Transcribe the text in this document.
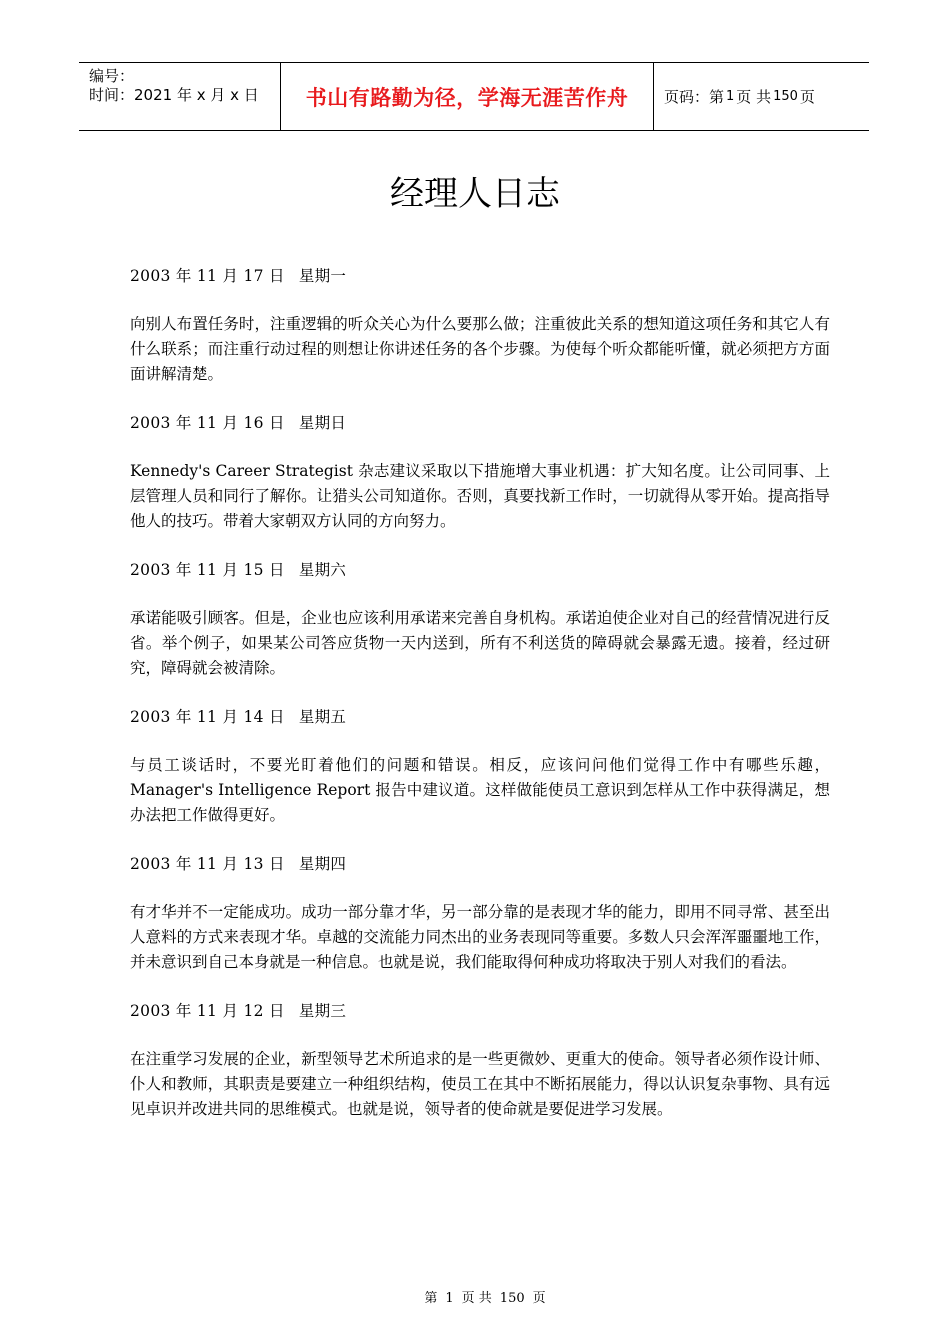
编号：
时间：2021 年 x 月 x 日	书山有路勤为径，学海无涯苦作舟 页码：第 1 页 共 150 页
经理人日志

2003 年 11 月 17 日 星期一

向别人布置任务时，注重逻辑的听众关心为什么要那么做；注重彼此关系的想知道这项任务和其它人有什么联系；而注重行动过程的则想让你讲述任务的各个步骤。为使每个听众都能听懂，就必须把方方面面讲解清楚。

2003 年 11 月 16 日 星期日

Kennedy's Career Strategist 杂志建议采取以下措施增大事业机遇：扩大知名度。让公司同事、上层管理人员和同行了解你。让猎头公司知道你。否则，真要找新工作时，一切就得从零开始。提高指导他人的技巧。带着大家朝双方认同的方向努力。

2003 年 11 月 15 日 星期六

承诺能吸引顾客。但是，企业也应该利用承诺来完善自身机构。承诺迫使企业对自己的经营情况进行反省。举个例子，如果某公司答应货物一天内送到，所有不利送货的障碍就会暴露无遗。接着，经过研究，障碍就会被清除。

2003 年 11 月 14 日 星期五

与员工谈话时，不要光盯着他们的问题和错误。相反，应该问问他们觉得工作中有哪些乐趣，Manager's Intelligence Report 报告中建议道。这样做能使员工意识到怎样从工作中获得满足，想办法把工作做得更好。

2003 年 11 月 13 日 星期四

有才华并不一定能成功。成功一部分靠才华，另一部分靠的是表现才华的能力，即用不同寻常、甚至出人意料的方式来表现才华。卓越的交流能力同杰出的业务表现同等重要。多数人只会浑浑噩噩地工作，并未意识到自己本身就是一种信息。也就是说，我们能取得何种成功将取决于别人对我们的看法。

2003 年 11 月 12 日 星期三

在注重学习发展的企业，新型领导艺术所追求的是一些更微妙、更重大的使命。领导者必须作设计师、仆人和教师，其职责是要建立一种组织结构，使员工在其中不断拓展能力，得以认识复杂事物、具有远见卓识并改进共同的思维模式。也就是说，领导者的使命就是要促进学习发展。

第 1 页 共 150 页
